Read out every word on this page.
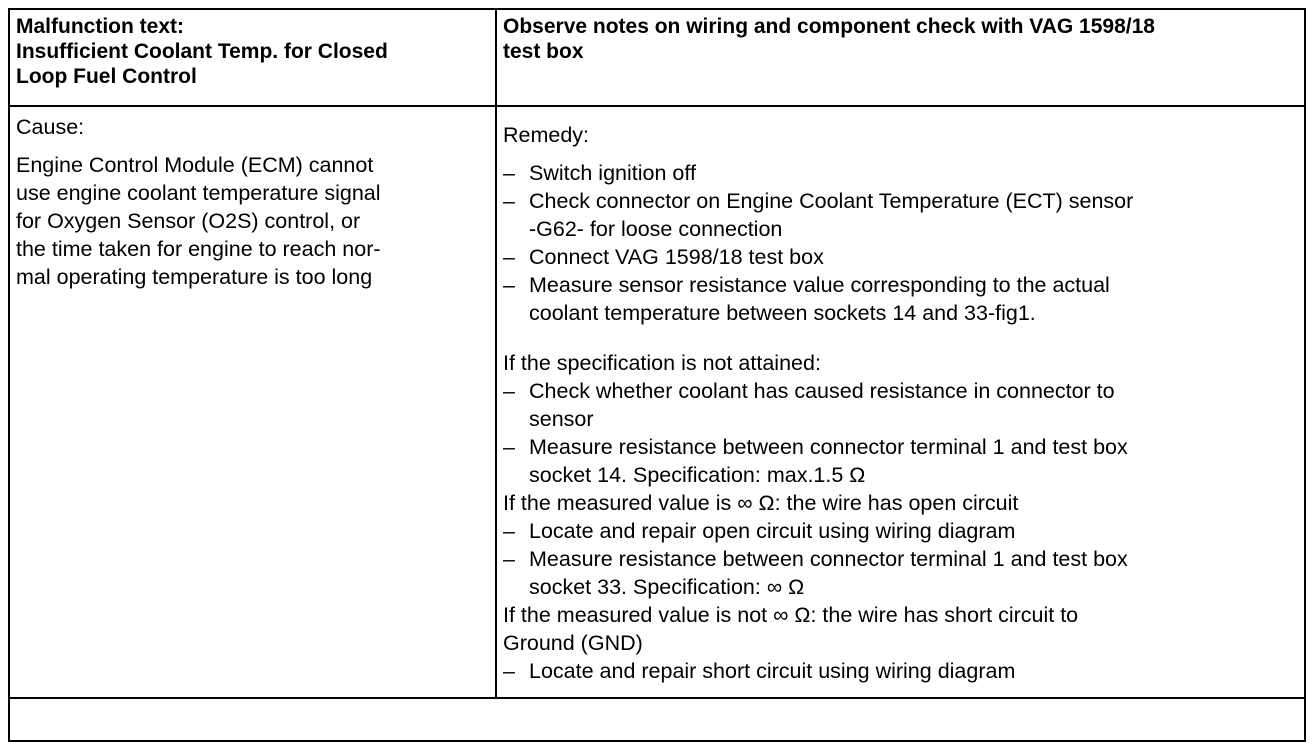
Malfunction text:
Insufficient Coolant Temp. for Closed
Loop Fuel Control

Observe notes on wiring and component check with VAG 1598/18
test box

Cause:

Engine Control Module (ECM) cannot
use engine coolant temperature signal
for Oxygen Sensor (O2S) control, or
the time taken for engine to reach nor-
mal operating temperature is too long

Remedy:

– Switch ignition off
– Check connector on Engine Coolant Temperature (ECT) sensor
-G62- for loose connection
– Connect VAG 1598/18 test box
– Measure sensor resistance value corresponding to the actual
coolant temperature between sockets 14 and 33-fig1.
If the specification is not attained:
– Check whether coolant has caused resistance in connector to
sensor
– Measure resistance between connector terminal 1 and test box
socket 14. Specification: max.1.5 Ω
If the measured value is ∞ Ω: the wire has open circuit
– Locate and repair open circuit using wiring diagram
– Measure resistance between connector terminal 1 and test box
socket 33. Specification: ∞ Ω
If the measured value is not ∞ Ω: the wire has short circuit to
Ground (GND)
– Locate and repair short circuit using wiring diagram
